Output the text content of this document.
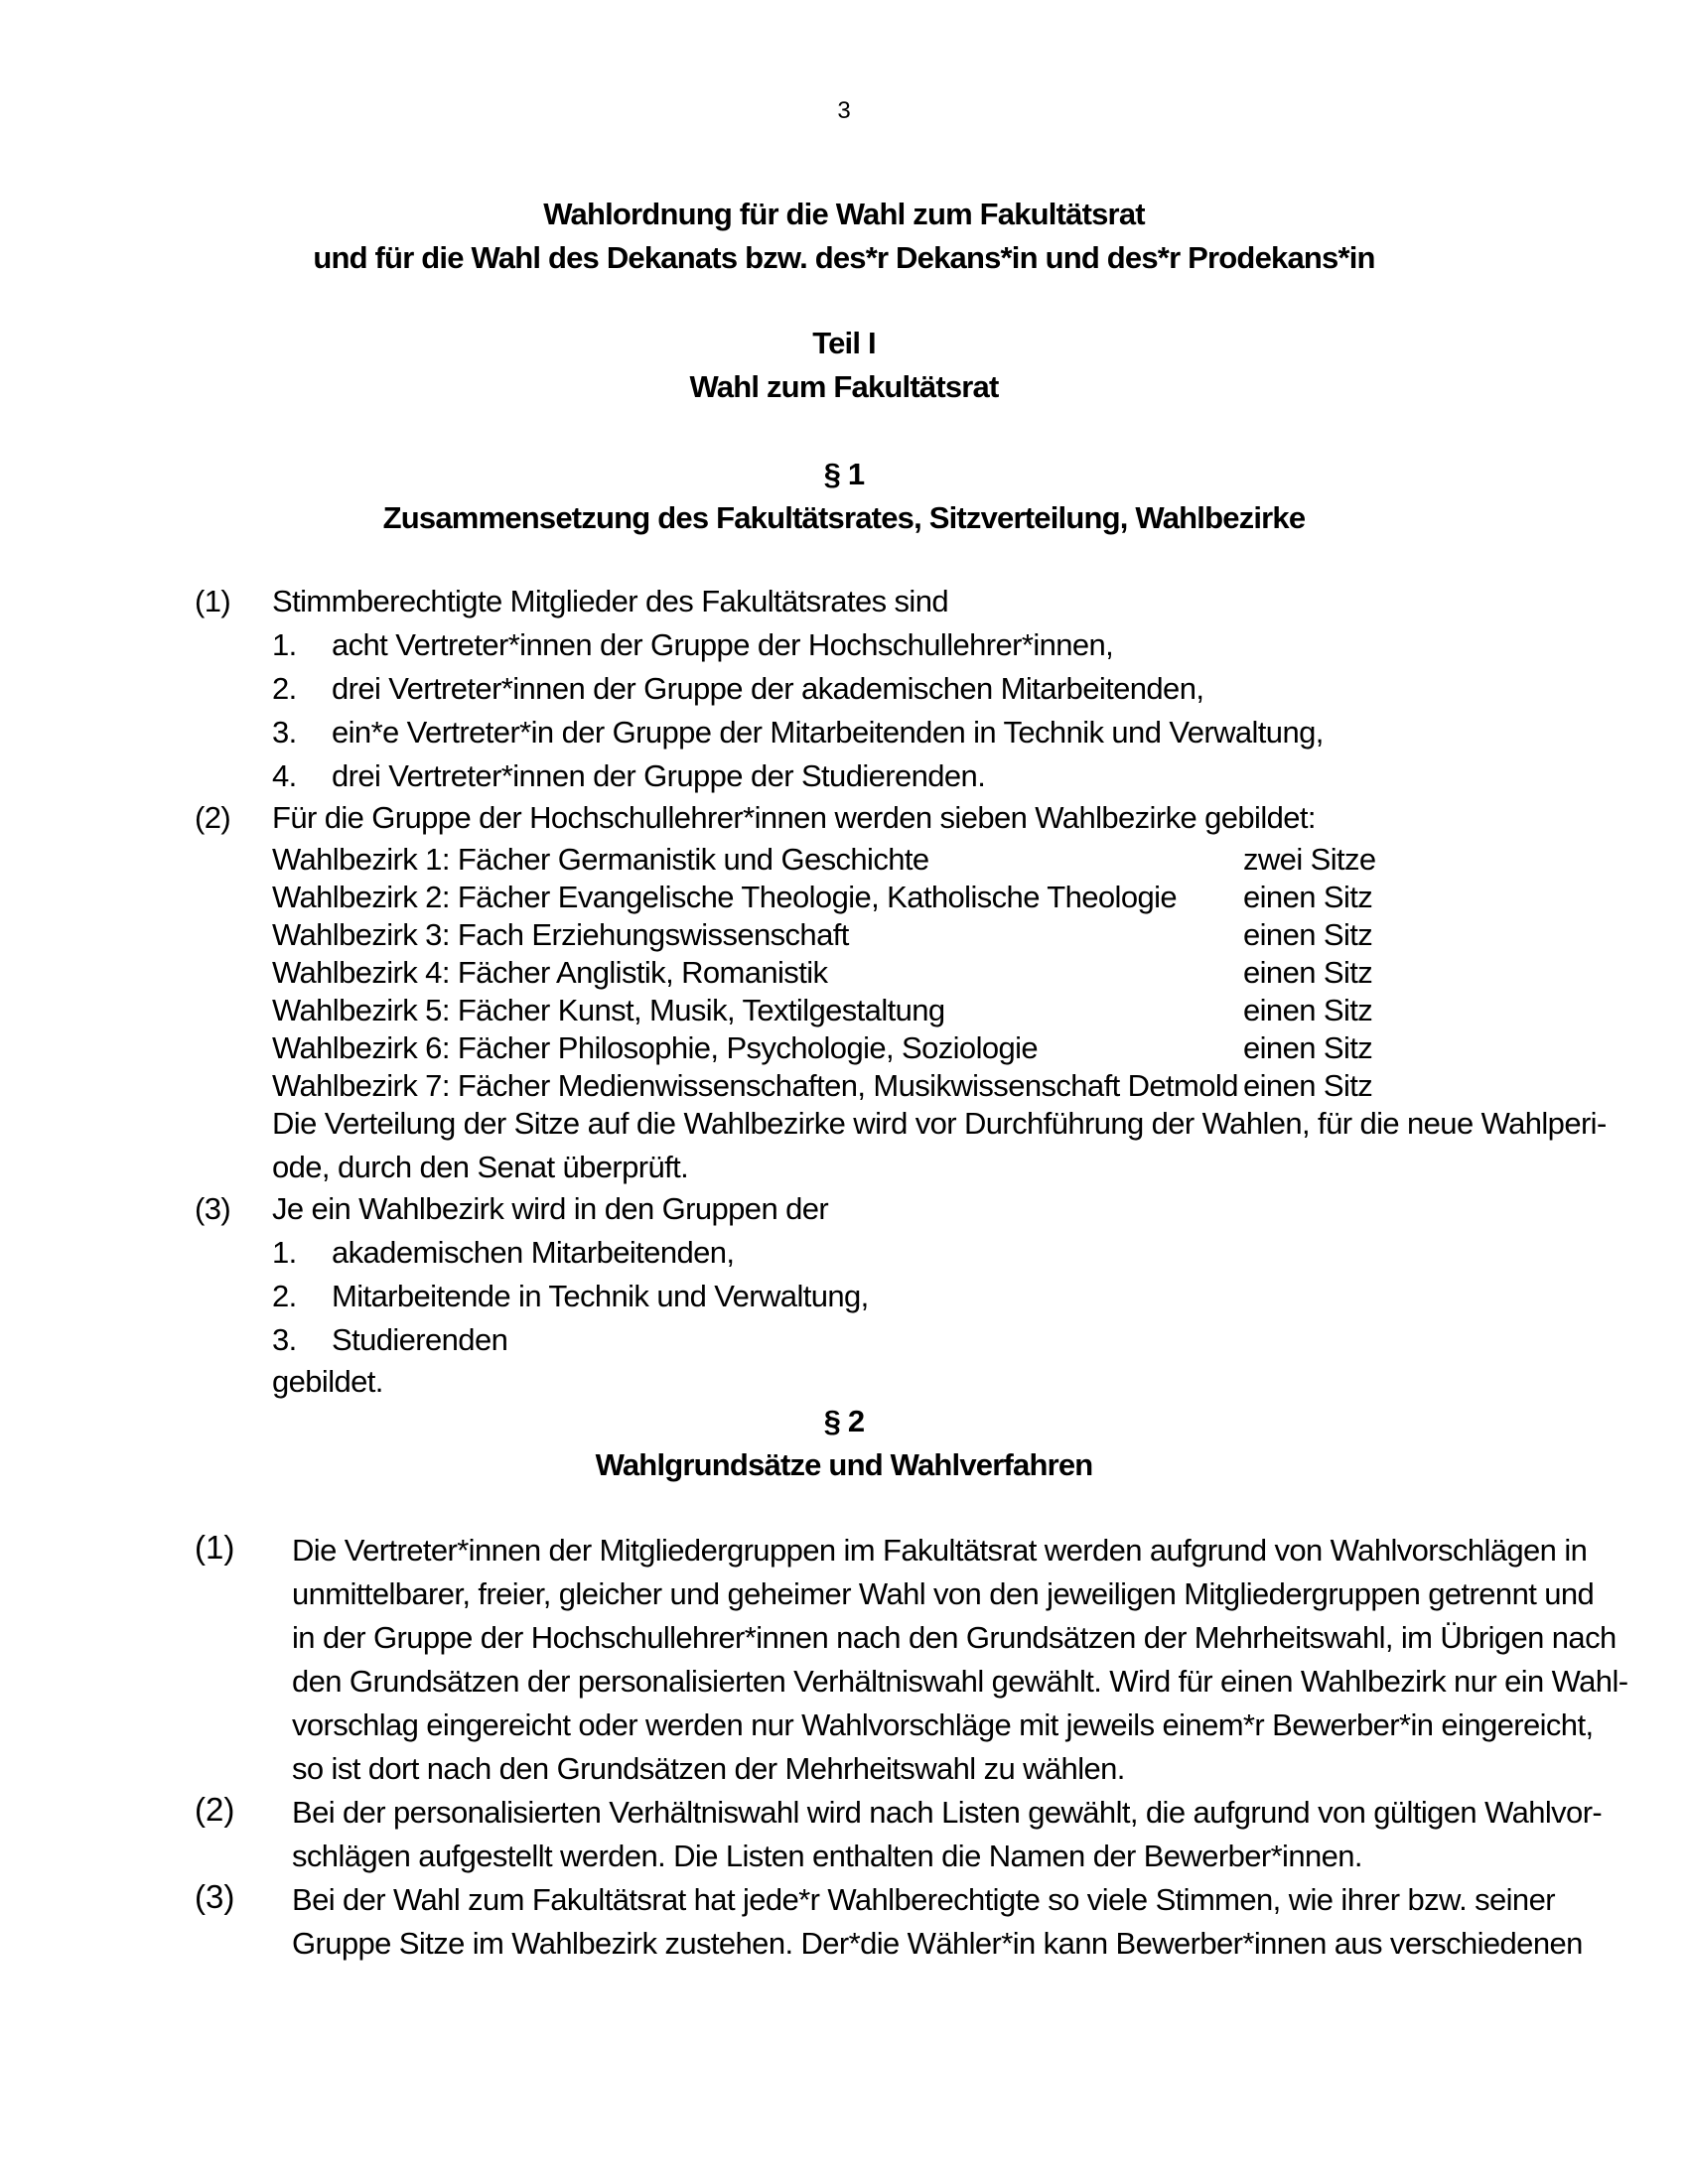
3
Wahlordnung für die Wahl zum Fakultätsrat
und für die Wahl des Dekanats bzw. des*r Dekans*in und des*r Prodekans*in
Teil I
Wahl zum Fakultätsrat
§ 1
Zusammensetzung des Fakultätsrates, Sitzverteilung, Wahlbezirke
(1) Stimmberechtigte Mitglieder des Fakultätsrates sind
1. acht Vertreter*innen der Gruppe der Hochschullehrer*innen,
2. drei Vertreter*innen der Gruppe der akademischen Mitarbeitenden,
3. ein*e Vertreter*in der Gruppe der Mitarbeitenden in Technik und Verwaltung,
4. drei Vertreter*innen der Gruppe der Studierenden.
(2) Für die Gruppe der Hochschullehrer*innen werden sieben Wahlbezirke gebildet:
Wahlbezirk 1: Fächer Germanistik und Geschichte	zwei Sitze
Wahlbezirk 2: Fächer Evangelische Theologie, Katholische Theologie einen Sitz
Wahlbezirk 3: Fach Erziehungswissenschaft	einen Sitz
Wahlbezirk 4: Fächer Anglistik, Romanistik	einen Sitz
Wahlbezirk 5: Fächer Kunst, Musik, Textilgestaltung	einen Sitz
Wahlbezirk 6: Fächer Philosophie, Psychologie, Soziologie	einen Sitz
Wahlbezirk 7: Fächer Medienwissenschaften, Musikwissenschaft Detmold einen Sitz
Die Verteilung der Sitze auf die Wahlbezirke wird vor Durchführung der Wahlen, für die neue Wahlperi-
ode, durch den Senat überprüft.
(3) Je ein Wahlbezirk wird in den Gruppen der
1. akademischen Mitarbeitenden,
2. Mitarbeitende in Technik und Verwaltung,
3. Studierenden
gebildet.
§ 2
Wahlgrundsätze und Wahlverfahren
(1) Die Vertreter*innen der Mitgliedergruppen im Fakultätsrat werden aufgrund von Wahlvorschlägen in
unmittelbarer, freier, gleicher und geheimer Wahl von den jeweiligen Mitgliedergruppen getrennt und
in der Gruppe der Hochschullehrer*innen nach den Grundsätzen der Mehrheitswahl, im Übrigen nach
den Grundsätzen der personalisierten Verhältniswahl gewählt. Wird für einen Wahlbezirk nur ein Wahl-
vorschlag eingereicht oder werden nur Wahlvorschläge mit jeweils einem*r Bewerber*in eingereicht,
so ist dort nach den Grundsätzen der Mehrheitswahl zu wählen.
(2) Bei der personalisierten Verhältniswahl wird nach Listen gewählt, die aufgrund von gültigen Wahlvor-
schlägen aufgestellt werden. Die Listen enthalten die Namen der Bewerber*innen.
(3) Bei der Wahl zum Fakultätsrat hat jede*r Wahlberechtigte so viele Stimmen, wie ihrer bzw. seiner
Gruppe Sitze im Wahlbezirk zustehen. Der*die Wähler*in kann Bewerber*innen aus verschiedenen
